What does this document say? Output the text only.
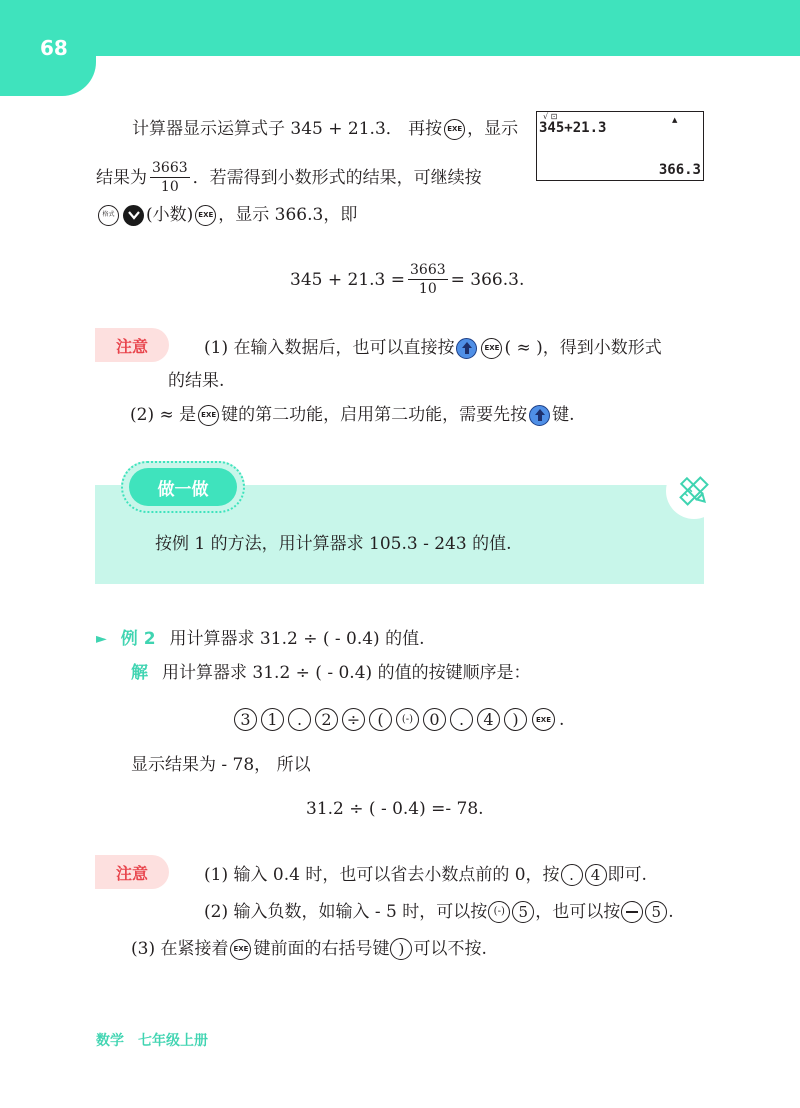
68
√ ⊡	▲
345+21.3
366.3
计算器显示运算式子 345 + 21.3． 再按 EXE ，显示
结果为 $\frac{3663}{10}$ ．若需得到小数形式的结果，可继续按
格式 (小数) EXE ，显示 366.3，即
$345 + 21.3 = \frac{3663}{10} = 366.3$.
注意	(1) 在输入数据后，也可以直接按	EXE ( ≈ )，得到小数形式
的结果.
(2) ≈ 是 EXE 键的第二功能，启用第二功能，需要先按 键.
做一做
按例 1 的方法，用计算器求 105.3 - 243 的值.
► 例 2 用计算器求 31.2 ÷ ( - 0.4) 的值.
解 用计算器求 31.2 ÷ ( - 0.4) 的值的按键顺序是：
3	1	.	2 ÷	(	(-)	0	.	4	)	EXE .
显示结果为 - 78， 所以
31.2 ÷ ( - 0.4) =- 78.
注意	(1) 输入 0.4 时，也可以省去小数点前的 0，按 .	4 即可.
(2) 输入负数，如输入 - 5 时，可以按 (-) 5 ，也可以按	5 .
(3) 在紧接着 EXE 键前面的右括号键 ) 可以不按.
数学　七年级上册
